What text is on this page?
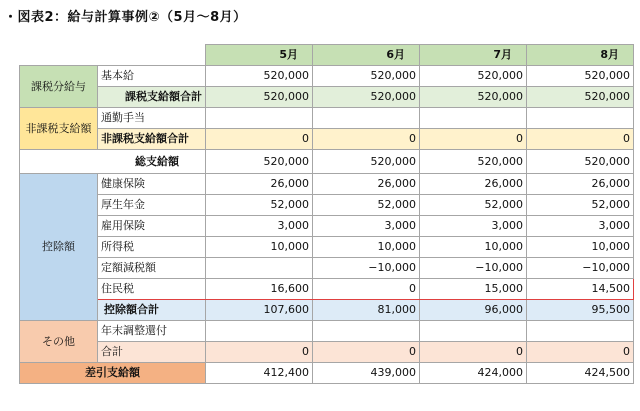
・図表2：給与計算事例②（5月～8月）
		5月	6月	7月	8月
課税分給与	基本給	520,000	520,000	520,000	520,000
	課税支給額合計	520,000	520,000	520,000	520,000
非課税支給額	通勤手当				
	非課税支給額合計	0	0	0	0
総支給額		520,000	520,000	520,000	520,000
控除額	健康保険	26,000	26,000	26,000	26,000
	厚生年金	52,000	52,000	52,000	52,000
	雇用保険	3,000	3,000	3,000	3,000
	所得税	10,000	10,000	10,000	10,000
	定額減税額		−10,000	−10,000	−10,000
	住民税	16,600	0	15,000	14,500
	控除額合計	107,600	81,000	96,000	95,500
その他	年末調整還付				
	合計	0	0	0	0
差引支給額		412,400	439,000	424,000	424,500
